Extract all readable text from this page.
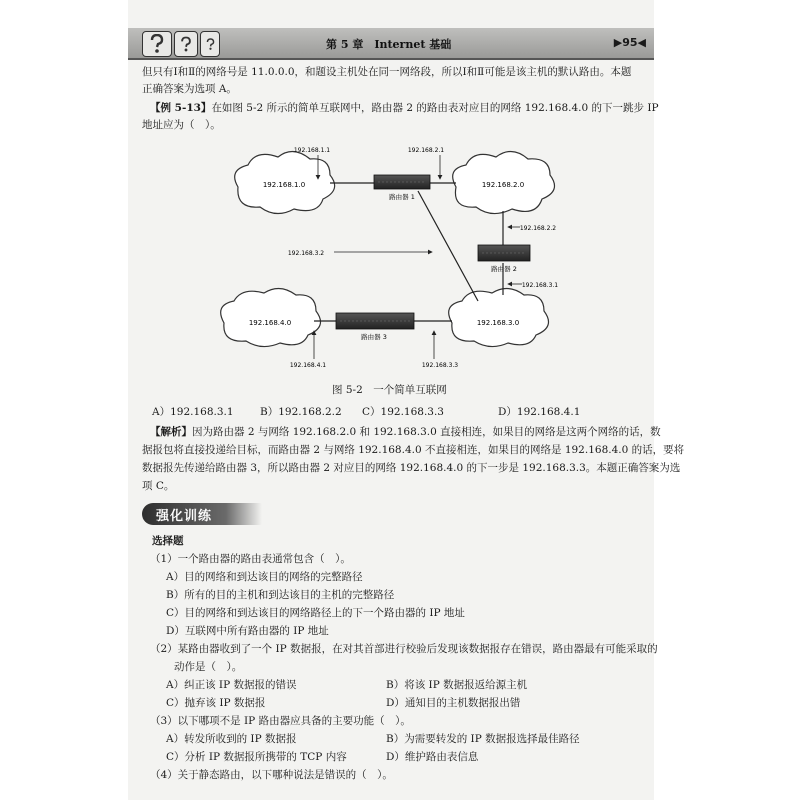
第 5 章　Internet 基础	▶95◀
但只有Ⅰ和Ⅱ的网络号是 11.0.0.0，和题设主机处在同一网络段，所以Ⅰ和Ⅱ可能是该主机的默认路由。本题
正确答案为选项 A。
【例 5-13】在如图 5-2 所示的简单互联网中，路由器 2 的路由表对应目的网络 192.168.4.0 的下一跳步 IP
地址应为（　）。
192.168.1.0	192.168.2.0
192.168.4.0	192.168.3.0
路由器 1
路由器 2
路由器 3
192.168.1.1	192.168.2.1
192.168.2.2
192.168.3.2
192.168.3.1
192.168.4.1	192.168.3.3
图 5-2　一个简单互联网
A）192.168.3.1	B）192.168.2.2 C）192.168.3.3	D）192.168.4.1
【解析】因为路由器 2 与网络 192.168.2.0 和 192.168.3.0 直接相连，如果目的网络是这两个网络的话，数
据报包将直接投递给目标，而路由器 2 与网络 192.168.4.0 不直接相连，如果目的网络是 192.168.4.0 的话，要将
数据报先传递给路由器 3，所以路由器 2 对应目的网络 192.168.4.0 的下一步是 192.168.3.3。本题正确答案为选
项 C。
强化训练
选择题
（1）一个路由器的路由表通常包含（　）。
A）目的网络和到达该目的网络的完整路径
B）所有的目的主机和到达该目的主机的完整路径
C）目的网络和到达该目的网络路径上的下一个路由器的 IP 地址
D）互联网中所有路由器的 IP 地址
（2）某路由器收到了一个 IP 数据报，在对其首部进行校验后发现该数据报存在错误，路由器最有可能采取的
动作是（　）。
A）纠正该 IP 数据报的错误	B）将该 IP 数据报返给源主机
C）抛弃该 IP 数据报	D）通知目的主机数据报出错
（3）以下哪项不是 IP 路由器应具备的主要功能（　）。
A）转发所收到的 IP 数据报	B）为需要转发的 IP 数据报选择最佳路径
C）分析 IP 数据报所携带的 TCP 内容	D）维护路由表信息
（4）关于静态路由，以下哪种说法是错误的（　）。
